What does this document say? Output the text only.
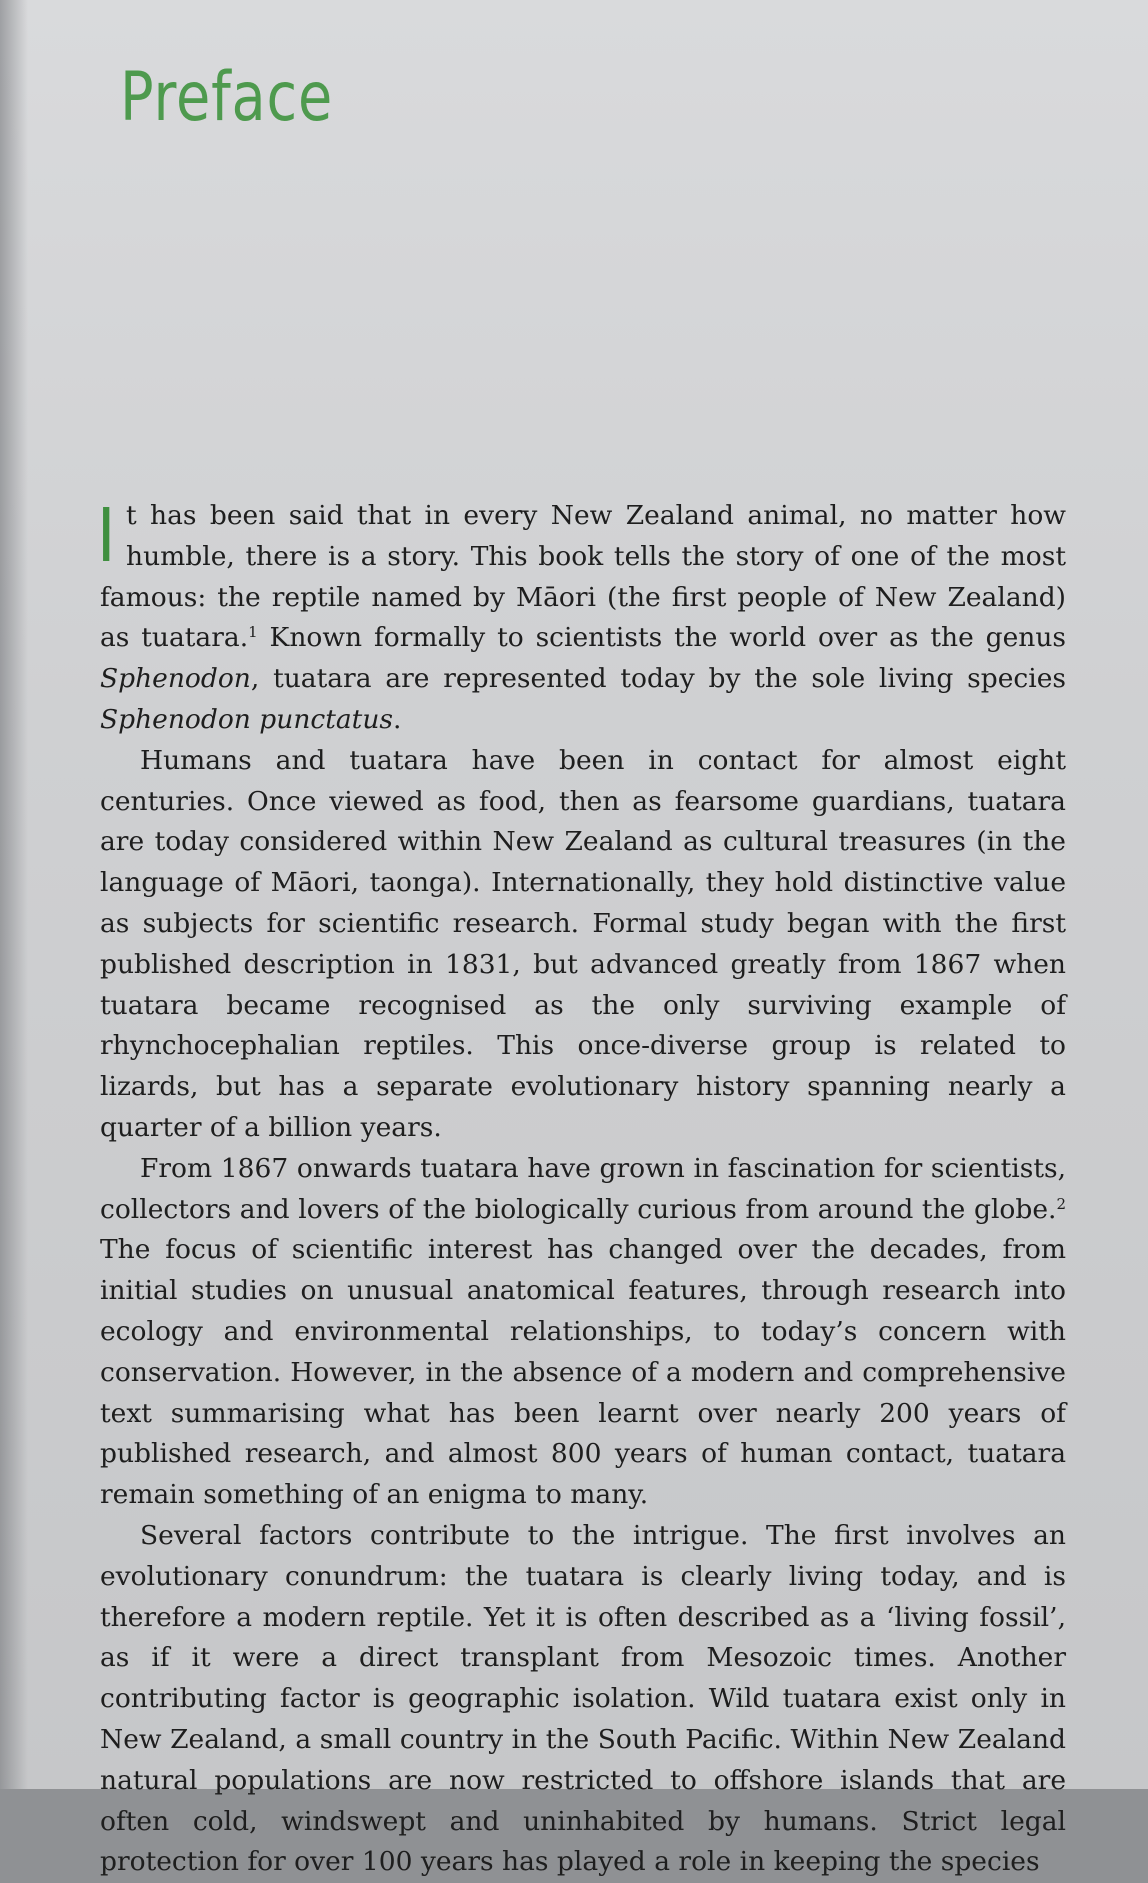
Preface

It has been said that in every New Zealand animal, no matter how humble, there is a story. This book tells the story of one of the most famous: the reptile named by Māori (the first people of New Zealand) as tuatara.$^1$ Known formally to scientists the world over as the genus Sphenodon, tuatara are represented today by the sole living species Sphenodon punctatus.

Humans and tuatara have been in contact for almost eight centuries. Once viewed as food, then as fearsome guardians, tuatara are today considered within New Zealand as cultural treasures (in the language of Māori, taonga). Internationally, they hold distinctive value as subjects for scientific research. Formal study began with the first published description in 1831, but advanced greatly from 1867 when tuatara became recognised as the only surviving example of rhynchocephalian reptiles. This once-diverse group is related to lizards, but has a separate evolutionary history spanning nearly a quarter of a billion years.

From 1867 onwards tuatara have grown in fascination for scientists, collectors and lovers of the biologically curious from around the globe.$^2$ The focus of scientific interest has changed over the decades, from initial studies on unusual anatomical features, through research into ecology and environmental relationships, to today’s concern with conservation. However, in the absence of a modern and comprehensive text summarising what has been learnt over nearly 200 years of published research, and almost 800 years of human contact, tuatara remain something of an enigma to many.

Several factors contribute to the intrigue. The first involves an evolutionary conundrum: the tuatara is clearly living today, and is therefore a modern reptile. Yet it is often described as a ‘living fossil’, as if it were a direct transplant from Mesozoic times. Another contributing factor is geographic isolation. Wild tuatara exist only in New Zealand, a small country in the South Pacific. Within New Zealand natural populations are now restricted to offshore islands that are often cold, windswept and uninhabited by humans. Strict legal protection for over 100 years has played a role in keeping the species
